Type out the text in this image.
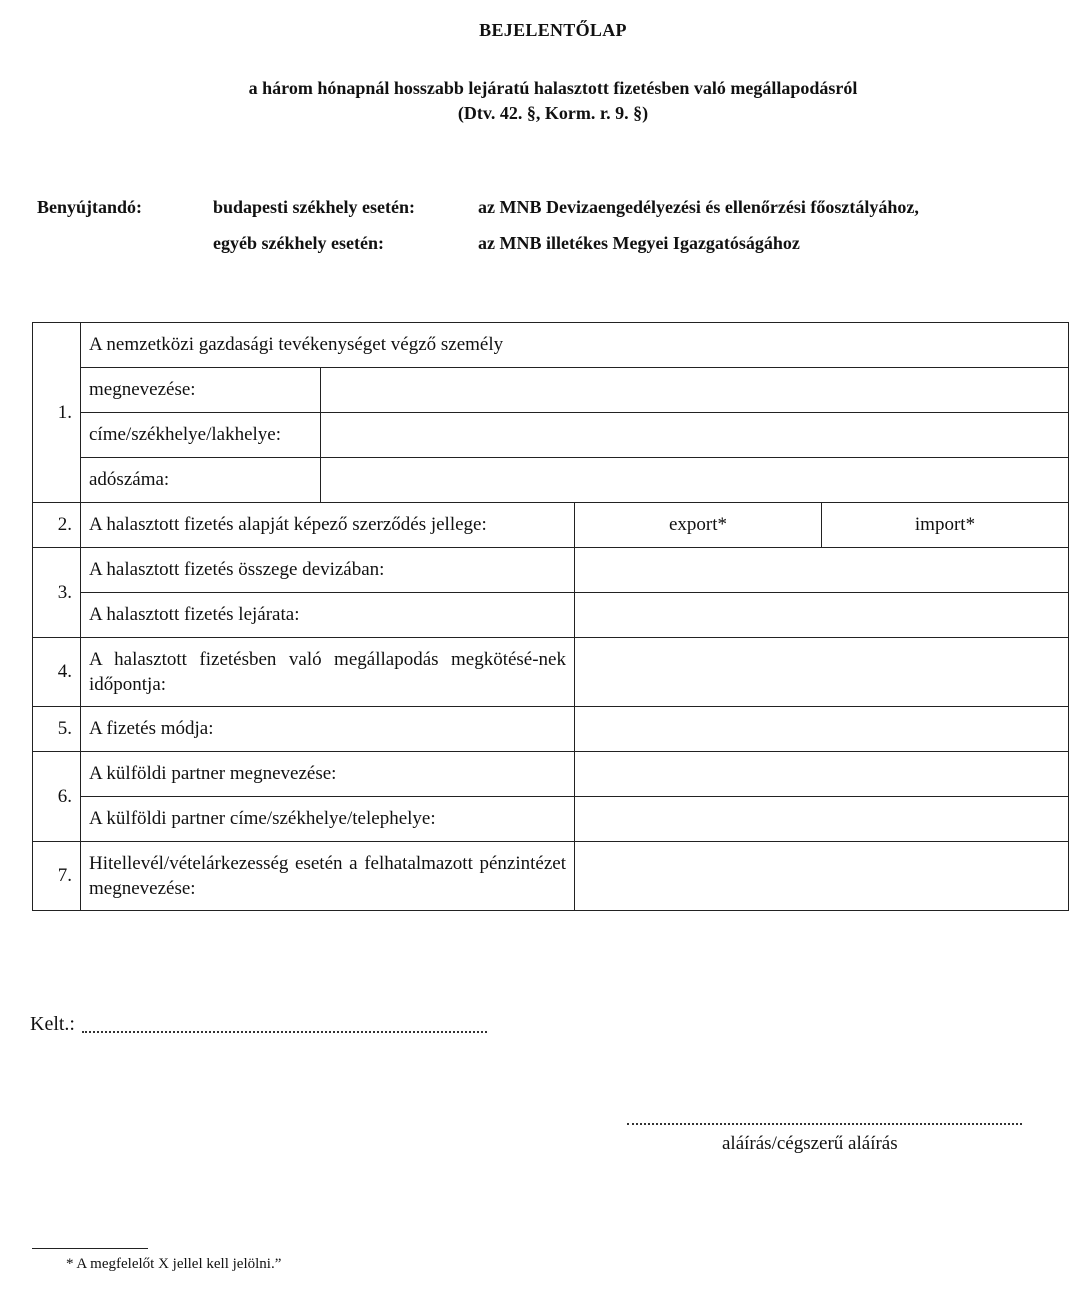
BEJELENTŐLAP
a három hónapnál hosszabb lejáratú halasztott fizetésben való megállapodásról
(Dtv. 42. §, Korm. r. 9. §)
Benyújtandó:	budapesti székhely esetén:	az MNB Devizaengedélyezési és ellenőrzési főosztályához,
egyéb székhely esetén:	az MNB illetékes Megyei Igazgatóságához
1.	A nemzetközi gazdasági tevékenységet végző személy			
	megnevezése:			
	címe/székhelye/lakhelye:			
	adószáma:			
2.	A halasztott fizetés alapját képező szerződés jellege:		export*	import*
3.	A halasztott fizetés összege devizában:			
	A halasztott fizetés lejárata:			
4.	A halasztott fizetésben való megállapodás megkötésé-nek időpontja:			
5.	A fizetés módja:			
6.	A külföldi partner megnevezése:			
	A külföldi partner címe/székhelye/telephelye:			
7.	Hitellevél/vételárkezesség esetén a felhatalmazott pénzintézet megnevezése:			
Kelt.:
aláírás/cégszerű aláírás
* A megfelelőt X jellel kell jelölni.”
